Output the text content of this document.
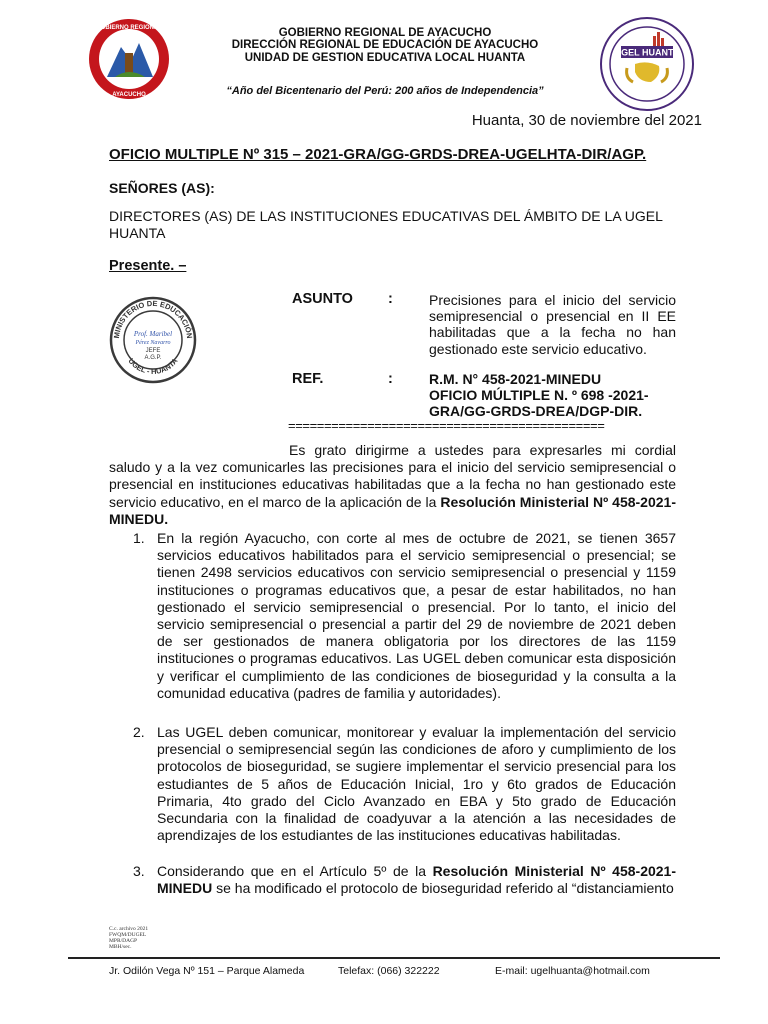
GOBIERNO REGIONAL
AYACUCHO
GOBIERNO REGIONAL DE AYACUCHO
DIRECCIÓN REGIONAL DE EDUCACIÓN DE AYACUCHO
UNIDAD DE GESTION EDUCATIVA LOCAL HUANTA
“Año del Bicentenario del Perú: 200 años de Independencia”
UGEL HUANTA
Huanta, 30 de noviembre del 2021
OFICIO MULTIPLE Nº 315 – 2021-GRA/GG-GRDS-DREA-UGELHTA-DIR/AGP.
SEÑORES (AS):
DIRECTORES (AS) DE LAS INSTITUCIONES EDUCATIVAS DEL ÁMBITO DE LA UGEL HUANTA
Presente. –
MINISTERIO DE EDUCACIÓN
UGEL - HUANTA
Prof. Maribel
Pérez Navarro
JEFE
A.G.P.
ASUNTO :	Precisiones para el inicio del servicio semipresencial o presencial en II EE habilitadas que a la fecha no han gestionado este servicio educativo.
REF.	:	R.M. N° 458-2021-MINEDU
OFICIO MÚLTIPLE N. º 698 -2021-
GRA/GG-GRDS-DREA/DGP-DIR.
============================================
Es grato dirigirme a ustedes para expresarles mi cordial saludo y a la vez comunicarles las precisiones para el inicio del servicio semipresencial o presencial en instituciones educativas habilitadas que a la fecha no han gestionado este servicio educativo, en el marco de la aplicación de la Resolución Ministerial Nº 458-2021-MINEDU.
1. En la región Ayacucho, con corte al mes de octubre de 2021, se tienen 3657 servicios educativos habilitados para el servicio semipresencial o presencial; se tienen 2498 servicios educativos con servicio semipresencial o presencial y 1159 instituciones o programas educativos que, a pesar de estar habilitados, no han gestionado el servicio semipresencial o presencial. Por lo tanto, el inicio del servicio semipresencial o presencial a partir del 29 de noviembre de 2021 deben de ser gestionados de manera obligatoria por los directores de las 1159 instituciones o programas educativos. Las UGEL deben comunicar esta disposición y verificar el cumplimiento de las condiciones de bioseguridad y la consulta a la comunidad educativa (padres de familia y autoridades).
2. Las UGEL deben comunicar, monitorear y evaluar la implementación del servicio presencial o semipresencial según las condiciones de aforo y cumplimiento de los protocolos de bioseguridad, se sugiere implementar el servicio presencial para los estudiantes de 5 años de Educación Inicial, 1ro y 6to grados de Educación Primaria, 4to grado del Ciclo Avanzado en EBA y 5to grado de Educación Secundaria con la finalidad de coadyuvar a la atención a las necesidades de aprendizajes de los estudiantes de las instituciones educativas habilitadas.
3. Considerando que en el Artículo 5º de la Resolución Ministerial Nº 458-2021-MINEDU se ha modificado el protocolo de bioseguridad referido al “distanciamiento
C.c. archivo 2021
FWQM/DUGEL
MPR/DAGP
MBH/sec.
Jr. Odilón Vega Nº 151 – Parque Alameda	Telefax: (066) 322222	E-mail: ugelhuanta@hotmail.com
